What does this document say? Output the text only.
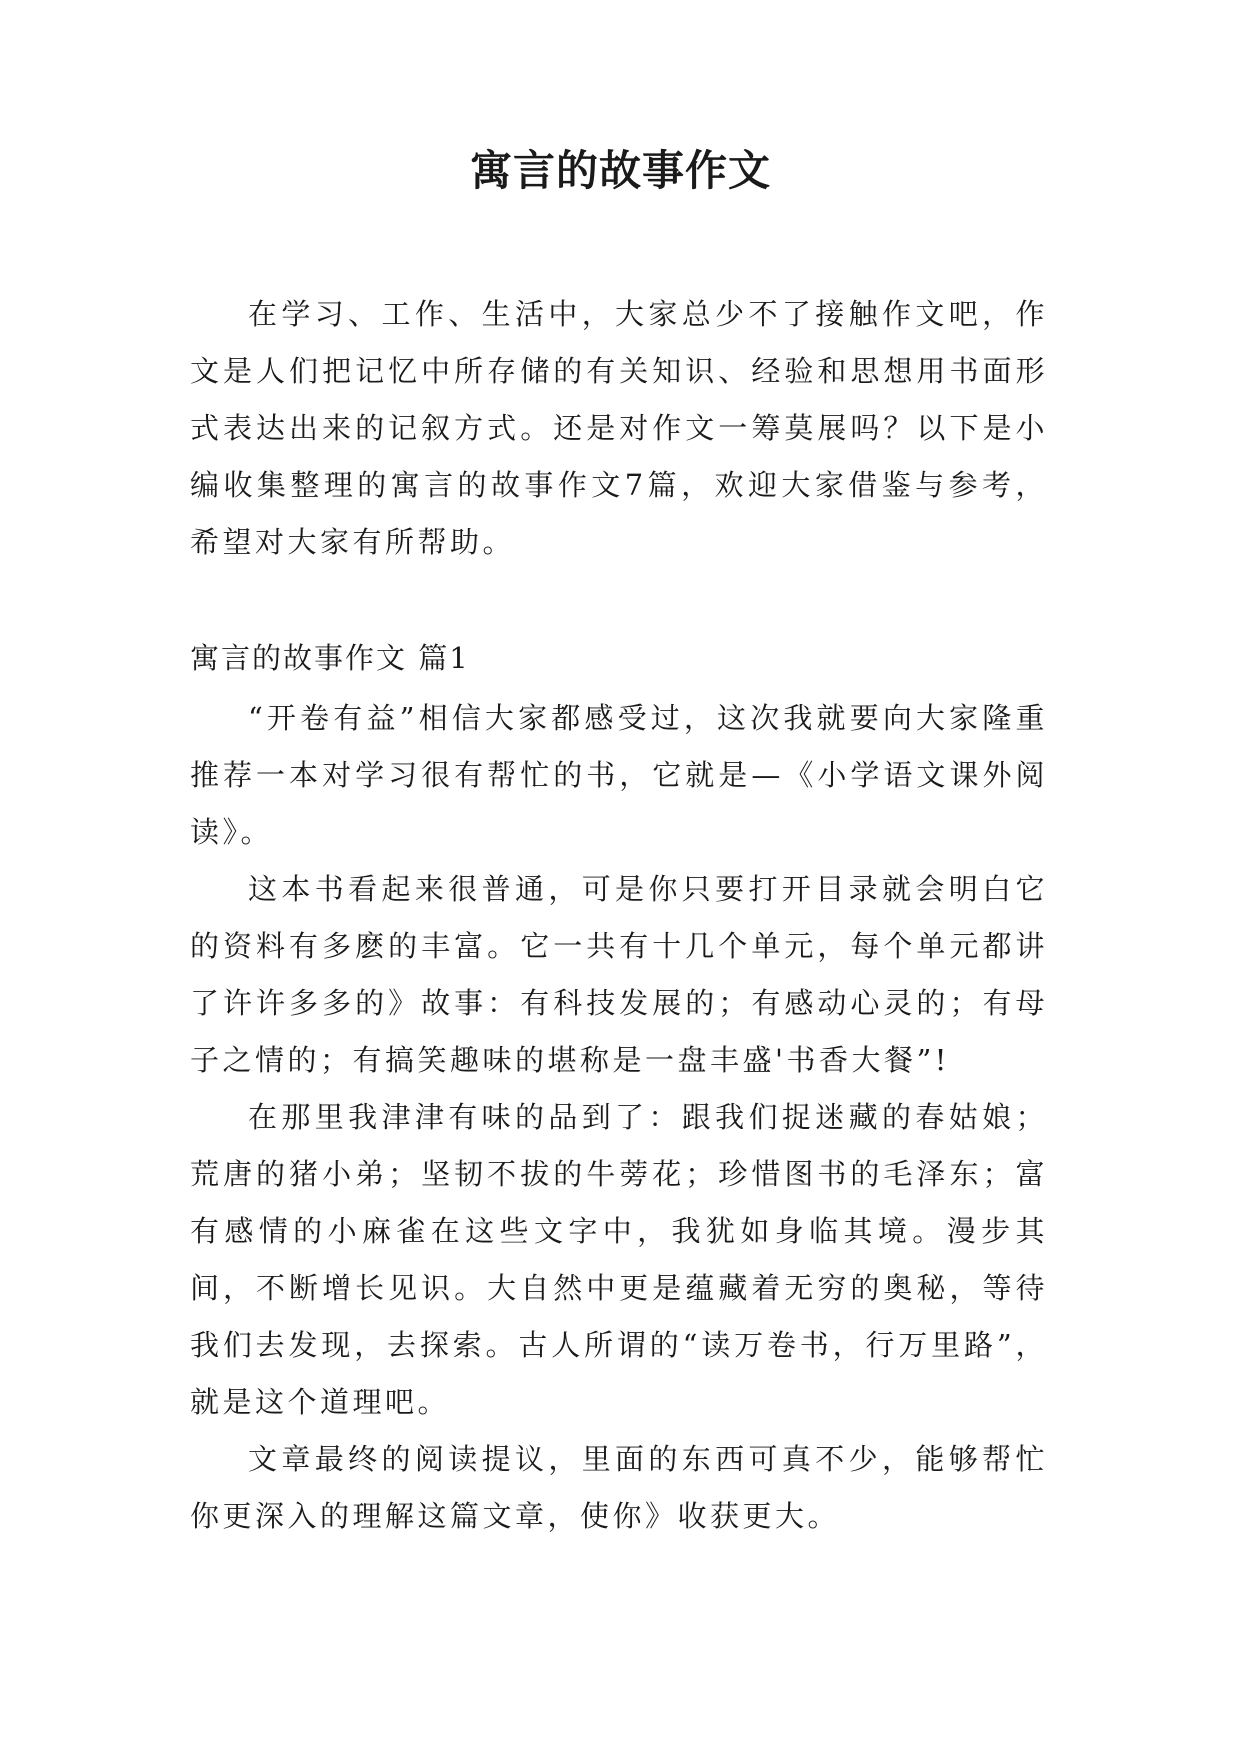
寓言的故事作文

在学习、工作、生活中，大家总少不了接触作文吧，作文是人们把记忆中所存储的有关知识、经验和思想用书面形式表达出来的记叙方式。还是对作文一筹莫展吗？以下是小编收集整理的寓言的故事作文7篇，欢迎大家借鉴与参考，希望对大家有所帮助。

寓言的故事作文 篇1

“开卷有益”相信大家都感受过，这次我就要向大家隆重推荐一本对学习很有帮忙的书，它就是—《小学语文课外阅读》。

这本书看起来很普通，可是你只要打开目录就会明白它的资料有多麽的丰富。它一共有十几个单元，每个单元都讲了许许多多的》故事：有科技发展的；有感动心灵的；有母子之情的；有搞笑趣味的堪称是一盘丰盛'书香大餐”!

在那里我津津有味的品到了：跟我们捉迷藏的春姑娘；荒唐的猪小弟；坚韧不拔的牛蒡花；珍惜图书的毛泽东；富有感情的小麻雀在这些文字中，我犹如身临其境。漫步其间，不断增长见识。大自然中更是蕴藏着无穷的奥秘，等待我们去发现，去探索。古人所谓的“读万卷书，行万里路”，就是这个道理吧。

文章最终的阅读提议，里面的东西可真不少，能够帮忙你更深入的理解这篇文章，使你》收获更大。
